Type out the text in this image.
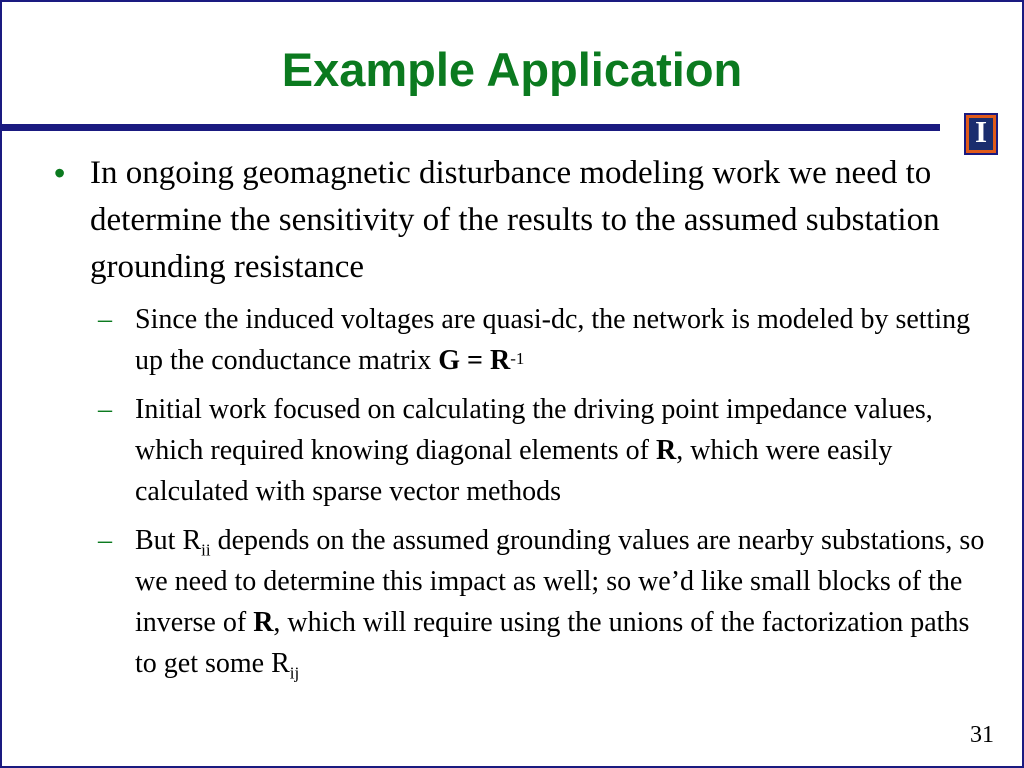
Example Application
I
• In ongoing geomagnetic disturbance modeling work we need to determine the sensitivity of the results to the assumed substation grounding resistance
– Since the induced voltages are quasi-dc, the network is modeled by setting up the conductance matrix $G = R^{-1}$
– Initial work focused on calculating the driving point impedance values, which required knowing diagonal elements of R, which were easily calculated with sparse vector methods
– But $R_{ii}$ depends on the assumed grounding values are nearby substations, so we need to determine this impact as well; so we’d like small blocks of the inverse of R, which will require using the unions of the factorization paths to get some $R_{ij}$
31
